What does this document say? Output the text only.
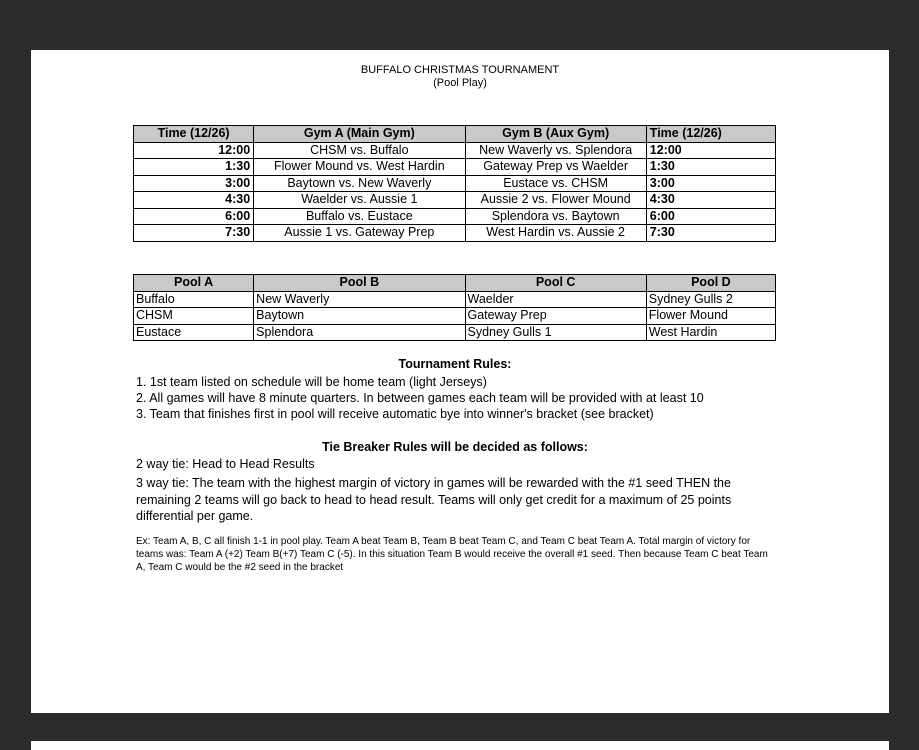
BUFFALO CHRISTMAS TOURNAMENT
(Pool Play)
Time (12/26)	Gym A (Main Gym)	Gym B (Aux Gym)	Time (12/26)
12:00	CHSM vs. Buffalo	New Waverly vs. Splendora	12:00
1:30	Flower Mound vs. West Hardin	Gateway Prep vs Waelder	1:30
3:00	Baytown vs. New Waverly	Eustace vs. CHSM	3:00
4:30	Waelder vs. Aussie 1	Aussie 2 vs. Flower Mound	4:30
6:00	Buffalo vs. Eustace	Splendora vs. Baytown	6:00
7:30	Aussie 1 vs. Gateway Prep	West Hardin vs. Aussie 2	7:30
Pool A	Pool B	Pool C	Pool D
Buffalo	New Waverly	Waelder	Sydney Gulls 2
CHSM	Baytown	Gateway Prep	Flower Mound
Eustace	Splendora	Sydney Gulls 1	West Hardin
Tournament Rules:
1. 1st team listed on schedule will be home team (light Jerseys)
2. All games will have 8 minute quarters. In between games each team will be provided with at least 10
3. Team that finishes first in pool will receive automatic bye into winner's bracket (see bracket)
Tie Breaker Rules will be decided as follows:
2 way tie: Head to Head Results
3 way tie: The team with the highest margin of victory in games will be rewarded with the #1 seed THEN the remaining 2 teams will go back to head to head result. Teams will only get credit for a maximum of 25 points differential per game.
Ex: Team A, B, C all finish 1-1 in pool play. Team A beat Team B, Team B beat Team C, and Team C beat Team A. Total margin of victory for teams was: Team A (+2) Team B(+7) Team C (-5). In this situation Team B would receive the overall #1 seed. Then because Team C beat Team A, Team C would be the #2 seed in the bracket
